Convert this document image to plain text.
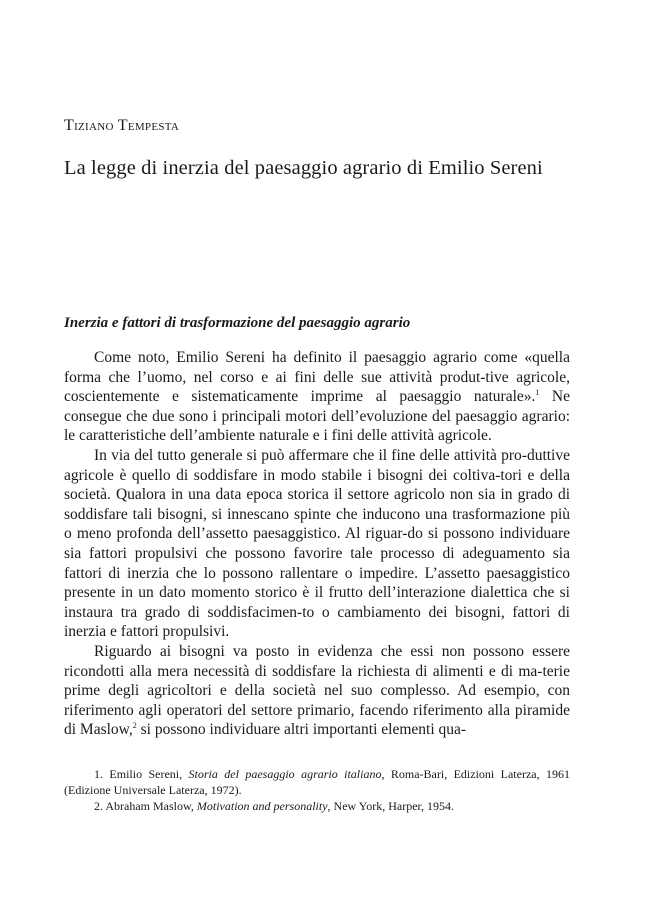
Tiziano Tempesta
La legge di inerzia del paesaggio agrario di Emilio Sereni
Inerzia e fattori di trasformazione del paesaggio agrario

Come noto, Emilio Sereni ha definito il paesaggio agrario come «quella forma che l’uomo, nel corso e ai fini delle sue attività produt-tive agricole, coscientemente e sistematicamente imprime al paesaggio naturale».$^1$ Ne consegue che due sono i principali motori dell’evoluzione del paesaggio agrario: le caratteristiche dell’ambiente naturale e i fini delle attività agricole.

In via del tutto generale si può affermare che il fine delle attività pro-duttive agricole è quello di soddisfare in modo stabile i bisogni dei coltiva-tori e della società. Qualora in una data epoca storica il settore agricolo non sia in grado di soddisfare tali bisogni, si innescano spinte che inducono una trasformazione più o meno profonda dell’assetto paesaggistico. Al riguar-do si possono individuare sia fattori propulsivi che possono favorire tale processo di adeguamento sia fattori di inerzia che lo possono rallentare o impedire. L’assetto paesaggistico presente in un dato momento storico è il frutto dell’interazione dialettica che si instaura tra grado di soddisfacimen-to o cambiamento dei bisogni, fattori di inerzia e fattori propulsivi.

Riguardo ai bisogni va posto in evidenza che essi non possono essere ricondotti alla mera necessità di soddisfare la richiesta di alimenti e di ma-terie prime degli agricoltori e della società nel suo complesso. Ad esempio, con riferimento agli operatori del settore primario, facendo riferimento alla piramide di Maslow,$^2$ si possono individuare altri importanti elementi qua-

1. Emilio Sereni, Storia del paesaggio agrario italiano, Roma-Bari, Edizioni Laterza, 1961 (Edizione Universale Laterza, 1972).

2. Abraham Maslow, Motivation and personality, New York, Harper, 1954.
